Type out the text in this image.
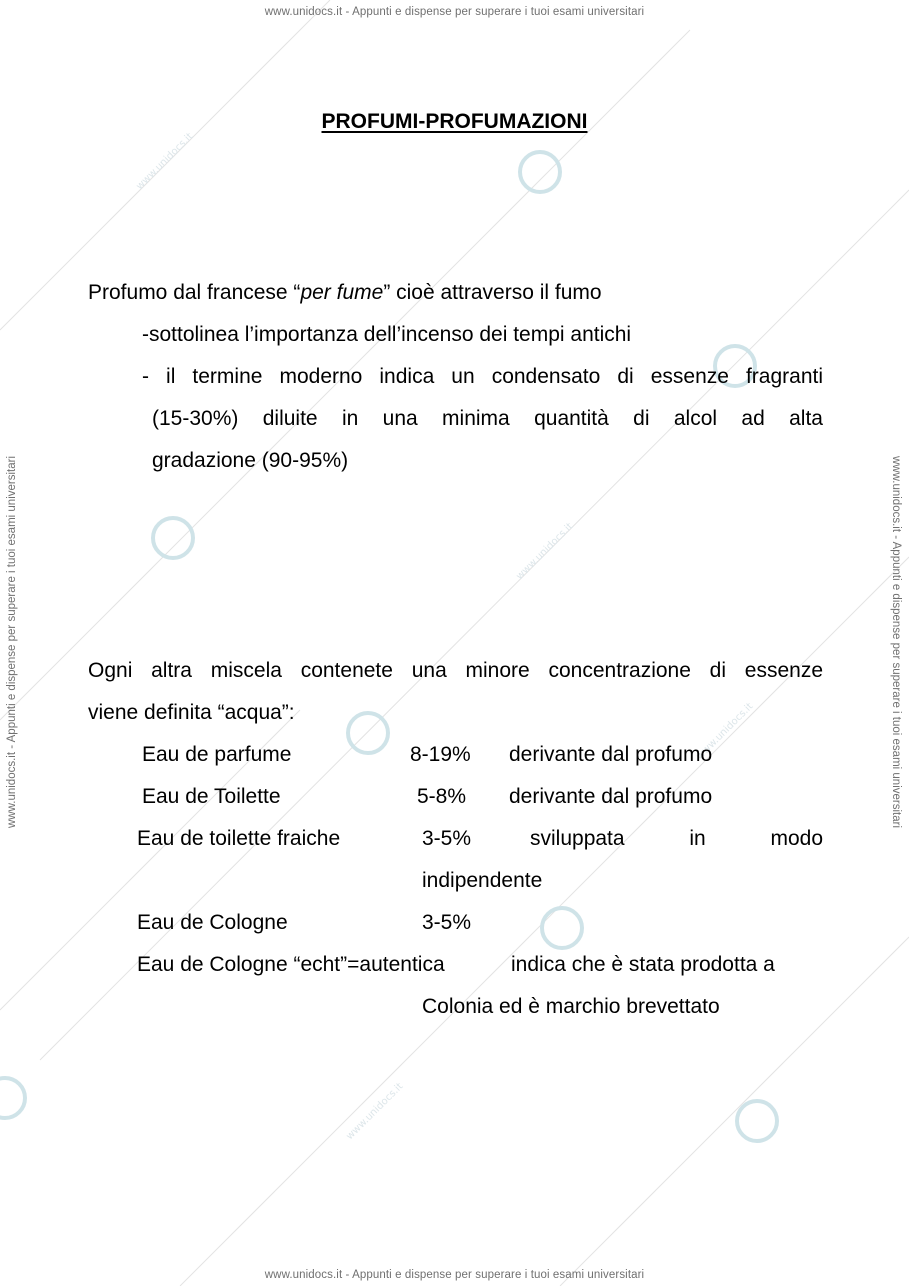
www.unidocs.it
www.unidocs.it
www.unidocs.it
www.unidocs.it
www.unidocs.it - Appunti e dispense per superare i tuoi esami universitari
www.unidocs.it - Appunti e dispense per superare i tuoi esami universitari
www.unidocs.it - Appunti e dispense per superare i tuoi esami universitari	www.unidocs.it - Appunti e dispense per superare i tuoi esami universitari
PROFUMI-PROFUMAZIONI
Profumo dal francese “per fume” cioè attraverso il fumo
-sottolinea l’importanza dell’incenso dei tempi antichi
- il termine moderno indica un condensato di essenze fragranti
(15-30%) diluite in una minima quantità di alcol ad alta
gradazione (90-95%)
Ogni altra miscela contenete una minore concentrazione di essenze
viene definita “acqua”:
Eau de parfume	8-19% derivante dal profumo
Eau de Toilette	5-8% derivante dal profumo
Eau de toilette fraiche	3-5%	sviluppata in modo
indipendente
Eau de Cologne	3-5%
Eau de Cologne “echt”=autentica	indica che è stata prodotta a
Colonia ed è marchio brevettato
